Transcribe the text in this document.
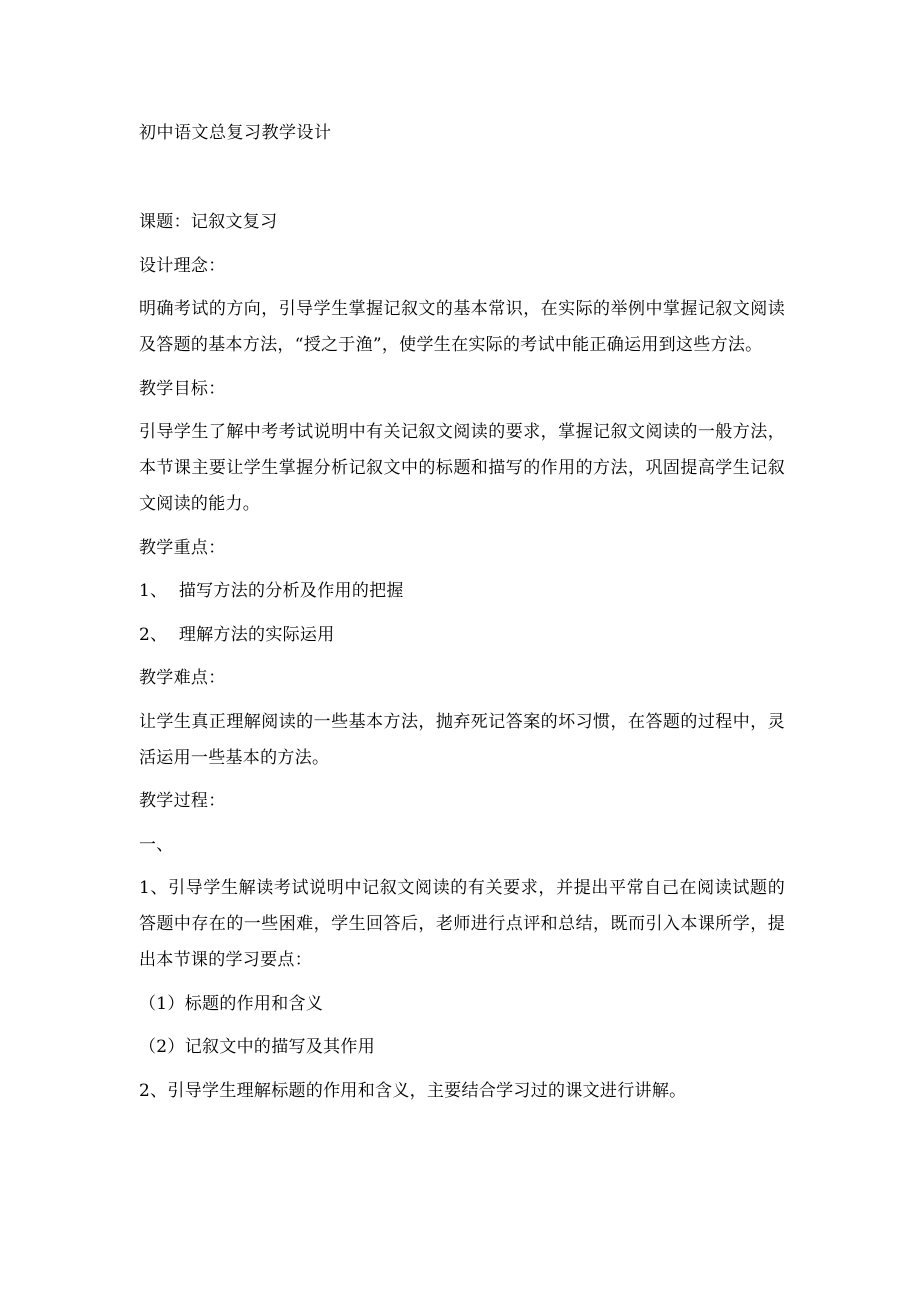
初中语文总复习教学设计

课题：记叙文复习

设计理念：

明确考试的方向，引导学生掌握记叙文的基本常识，在实际的举例中掌握记叙文阅读及答题的基本方法，“授之于渔”，使学生在实际的考试中能正确运用到这些方法。

教学目标：

引导学生了解中考考试说明中有关记叙文阅读的要求，掌握记叙文阅读的一般方法，本节课主要让学生掌握分析记叙文中的标题和描写的作用的方法，巩固提高学生记叙文阅读的能力。

教学重点：

1、  描写方法的分析及作用的把握

2、  理解方法的实际运用

教学难点：

让学生真正理解阅读的一些基本方法，抛弃死记答案的坏习惯，在答题的过程中，灵活运用一些基本的方法。

教学过程：

一、

1、引导学生解读考试说明中记叙文阅读的有关要求，并提出平常自己在阅读试题的答题中存在的一些困难，学生回答后，老师进行点评和总结，既而引入本课所学，提出本节课的学习要点：

（1）标题的作用和含义

（2）记叙文中的描写及其作用

2、引导学生理解标题的作用和含义，主要结合学习过的课文进行讲解。
